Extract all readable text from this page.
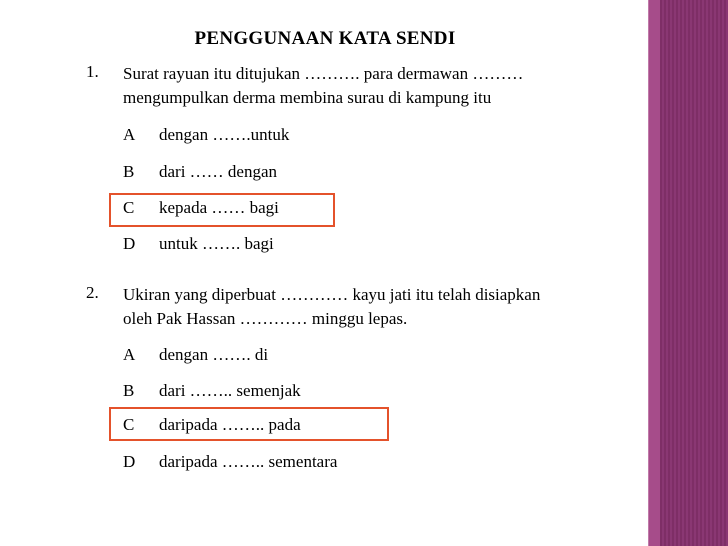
PENGGUNAAN KATA SENDI
1. Surat rayuan itu ditujukan ………. para dermawan ………
mengumpulkan derma membina surau di kampung itu
A dengan …….untuk
B dari …… dengan
C kepada …… bagi
D untuk ……. bagi
2. Ukiran yang diperbuat ………… kayu jati itu telah disiapkan
oleh Pak Hassan ………… minggu lepas.
A dengan ……. di
B dari …….. semenjak
C daripada …….. pada
D daripada …….. sementara
